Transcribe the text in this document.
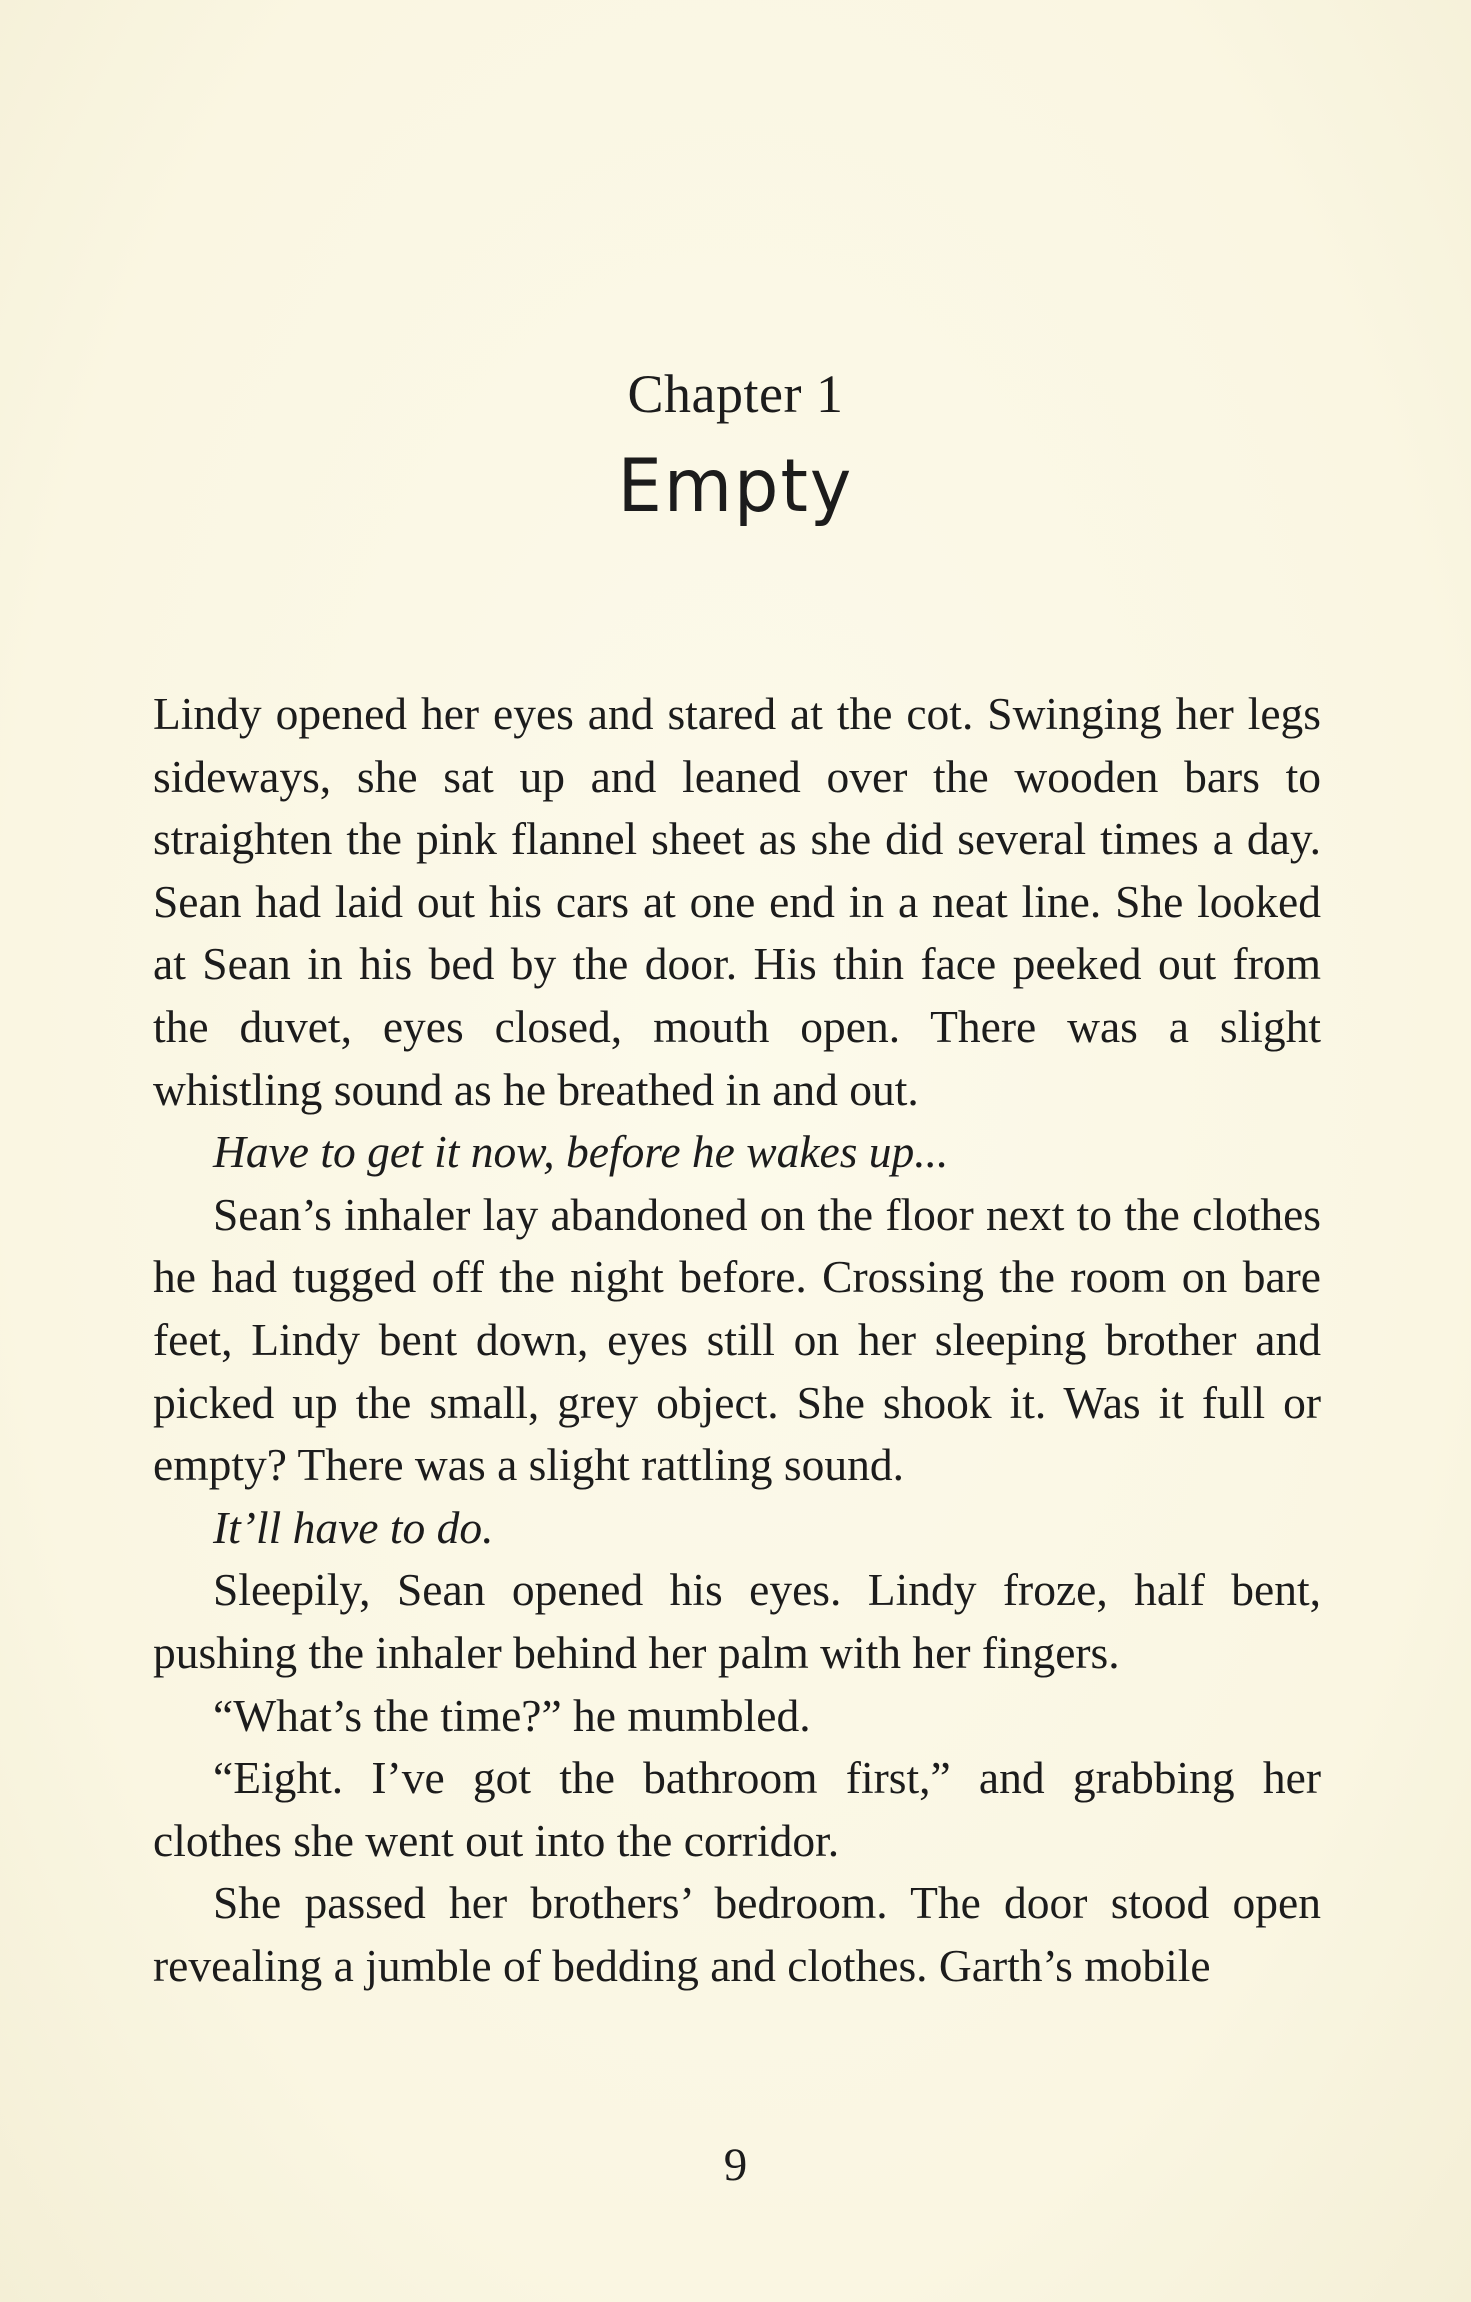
Chapter 1
Empty

Lindy opened her eyes and stared at the cot. Swinging her legs sideways, she sat up and leaned over the wooden bars to straighten the pink flannel sheet as she did several times a day. Sean had laid out his cars at one end in a neat line. She looked at Sean in his bed by the door. His thin face peeked out from the duvet, eyes closed, mouth open. There was a slight whistling sound as he breathed in and out.

Have to get it now, before he wakes up...

Sean’s inhaler lay abandoned on the floor next to the clothes he had tugged off the night before. Crossing the room on bare feet, Lindy bent down, eyes still on her sleeping brother and picked up the small, grey object. She shook it. Was it full or empty? There was a slight rattling sound.

It’ll have to do.

Sleepily, Sean opened his eyes. Lindy froze, half bent, pushing the inhaler behind her palm with her fingers.

“What’s the time?” he mumbled.

“Eight. I’ve got the bathroom first,” and grabbing her clothes she went out into the corridor.

She passed her brothers’ bedroom. The door stood open revealing a jumble of bedding and clothes. Garth’s mobile

9
